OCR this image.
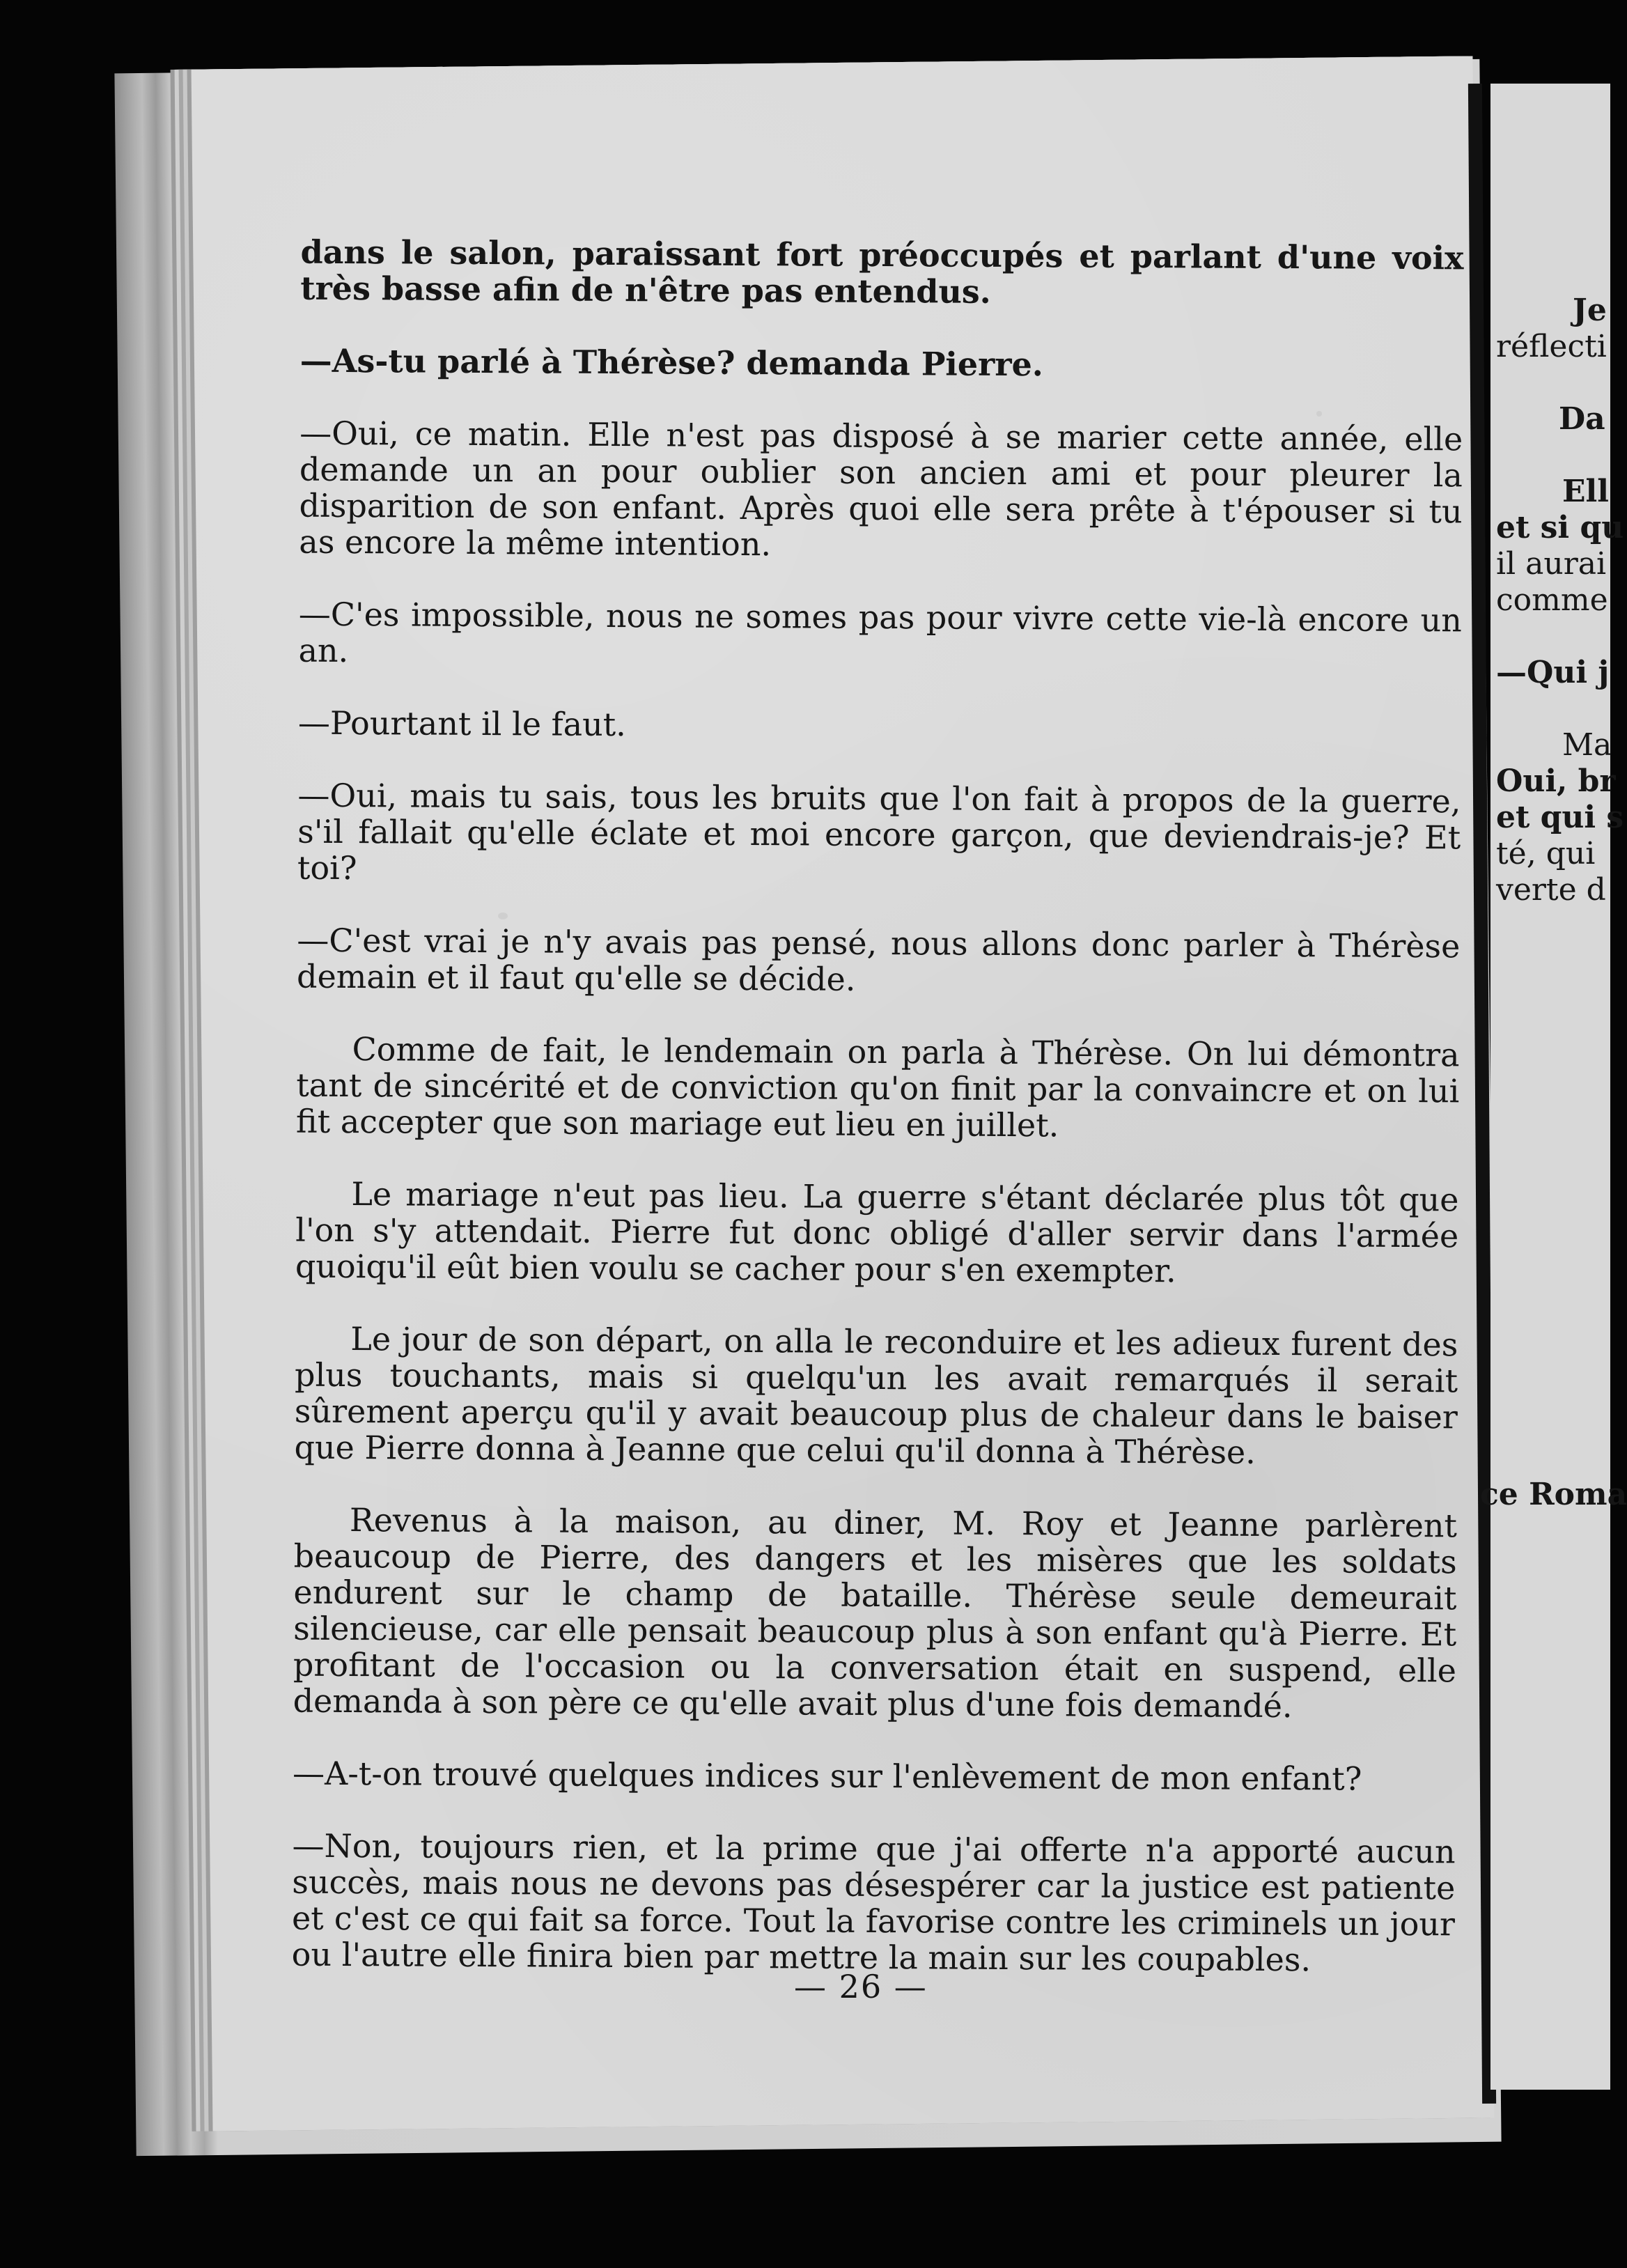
dans le salon, paraissant fort préoccupés et parlant d'une voix très basse afin de n'être pas entendus.

—As-tu parlé à Thérèse? demanda Pierre.

—Oui, ce matin. Elle n'est pas disposé à se marier cette année, elle demande un an pour oublier son ancien ami et pour pleurer la disparition de son enfant. Après quoi elle sera prête à t'épouser si tu as encore la même intention.

—C'es impossible, nous ne somes pas pour vivre cette vie-là encore un an.

—Pourtant il le faut.

—Oui, mais tu sais, tous les bruits que l'on fait à propos de la guerre, s'il fallait qu'elle éclate et moi encore garçon, que deviendrais-je? Et toi?

—C'est vrai je n'y avais pas pensé, nous allons donc parler à Thérèse demain et il faut qu'elle se décide.

Comme de fait, le lendemain on parla à Thérèse. On lui démontra tant de sincérité et de conviction qu'on finit par la convaincre et on lui fit accepter que son mariage eut lieu en juillet.

Le mariage n'eut pas lieu. La guerre s'étant déclarée plus tôt que l'on s'y attendait. Pierre fut donc obligé d'aller servir dans l'armée quoiqu'il eût bien voulu se cacher pour s'en exempter.

Le jour de son départ, on alla le reconduire et les adieux furent des plus touchants, mais si quelqu'un les avait remarqués il serait sûrement aperçu qu'il y avait beaucoup plus de chaleur dans le baiser que Pierre donna à Jeanne que celui qu'il donna à Thérèse.

Revenus à la maison, au diner, M. Roy et Jeanne parlèrent beaucoup de Pierre, des dangers et les misères que les soldats endurent sur le champ de bataille. Thérèse seule demeurait silencieuse, car elle pensait beaucoup plus à son enfant qu'à Pierre. Et profitant de l'occasion ou la conversation était en suspend, elle demanda à son père ce qu'elle avait plus d'une fois demandé.

—A-t-on trouvé quelques indices sur l'enlèvement de mon enfant?

—Non, toujours rien, et la prime que j'ai offerte n'a apporté aucun succès, mais nous ne devons pas désespérer car la justice est patiente et c'est ce qui fait sa force. Tout la favorise contre les criminels un jour ou l'autre elle finira bien par mettre la main sur les coupables.

— 26 —
Je
réflecti

Da

Ell
et si qu
il aurai
comme

—Qui j

Ma
Oui, br
et qui s
té, qui
verte d
ce Roma
